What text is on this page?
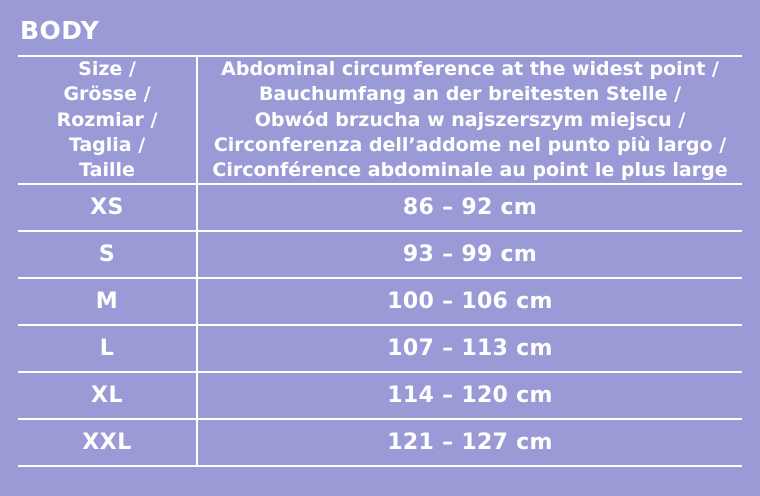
BODY
Size /
Grösse /
Rozmiar /
Taglia /
Taille

Abdominal circumference at the widest point /
Bauchumfang an der breitesten Stelle /
Obwód brzucha w najszerszym miejscu /
Circonferenza dell’addome nel punto più largo /
Circonférence abdominale au point le plus large

XS	86 – 92 cm
S	93 – 99 cm
M	100 – 106 cm
L	107 – 113 cm
XL	114 – 120 cm
XXL	121 – 127 cm
